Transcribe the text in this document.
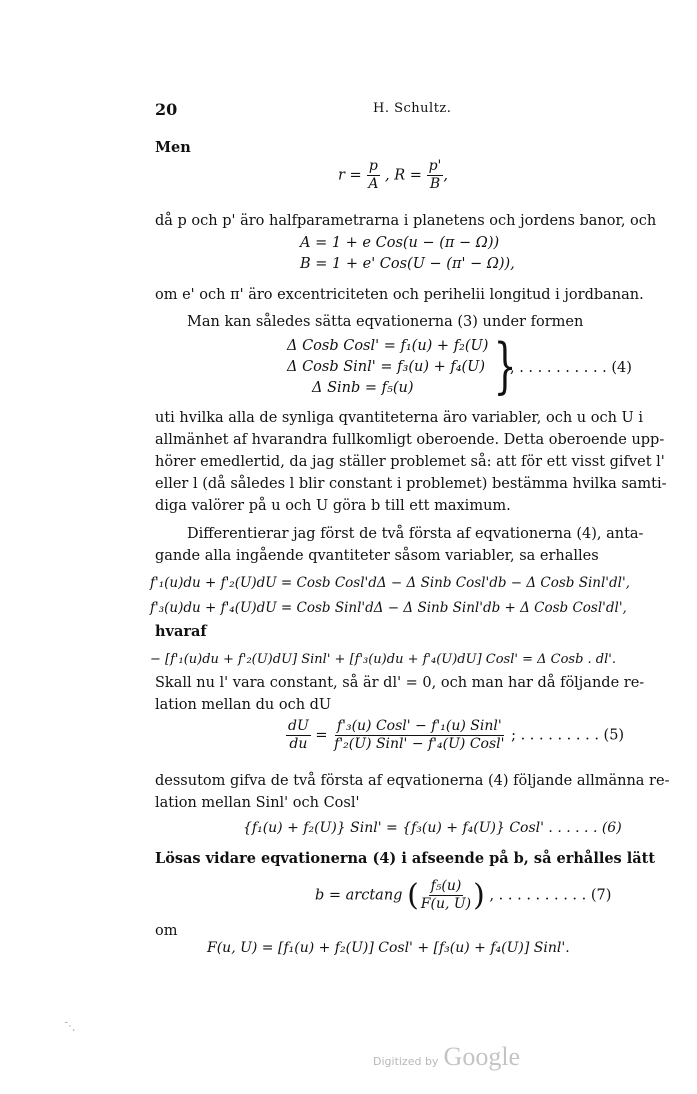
20	H. Schultz.
Men
$r = \frac{p}{A}$ , $R = \frac{p'}{B}$ ,
då p och p' äro halfparametrarna i planetens och jordens banor, och
A = 1 + e Cos(u − (π − Ω))
B = 1 + e' Cos(U − (π' − Ω)),
om e' och π' äro excentriciteten och perihelii longitud i jordbanan.
Man kan således sätta eqvationerna (3) under formen
Δ Cosb Cosl' = f₁(u) + f₂(U)
Δ Cosb Sinl' = f₃(u) + f₄(U)
Δ Sinb = f₅(u) }
, . . . . . . . . . . (4)
uti hvilka alla de synliga qvantiteterna äro variabler, och u och U i
allmänhet af hvarandra fullkomligt oberoende. Detta oberoende upp-
hörer emedlertid, da jag ställer problemet så: att för ett visst gifvet l'
eller l (då således l blir constant i problemet) bestämma hvilka samti-
diga valörer på u och U göra b till ett maximum.
Differentierar jag först de två första af eqvationerna (4), anta-
gande alla ingående qvantiteter såsom variabler, sa erhalles
f'₁(u)du + f'₂(U)dU = Cosb Cosl'dΔ − Δ Sinb Cosl'db − Δ Cosb Sinl'dl',
f'₃(u)du + f'₄(U)dU = Cosb Sinl'dΔ − Δ Sinb Sinl'db + Δ Cosb Cosl'dl',
hvaraf
− [f'₁(u)du + f'₂(U)dU] Sinl' + [f'₃(u)du + f'₄(U)dU] Cosl' = Δ Cosb . dl'.
Skall nu l' vara constant, så är dl' = 0, och man har då följande re-
lation mellan du och dU
$\frac{dU}{du} = \frac{\text{f'₃(u) Cosl' − f'₁(u) Sinl'}}{\text{f'₂(U) Sinl' − f'₄(U) Cosl'}}$ ; . . . . . . . . . (5)
dessutom gifva de två första af eqvationerna (4) följande allmänna re-
lation mellan Sinl' och Cosl'
{f₁(u) + f₂(U)} Sinl' = {f₃(u) + f₄(U)} Cosl' . . . . . . (6)
Lösas vidare eqvationerna (4) i afseende på b, så erhålles lätt
b = arctang ( $\frac{\text{f₅(u)}}{F(u, U)}$ ) , . . . . . . . . . . (7)
om
F(u, U) = [f₁(u) + f₂(U)] Cosl' + [f₃(u) + f₄(U)] Sinl'.
ˉ·˛
Digitized by Google
